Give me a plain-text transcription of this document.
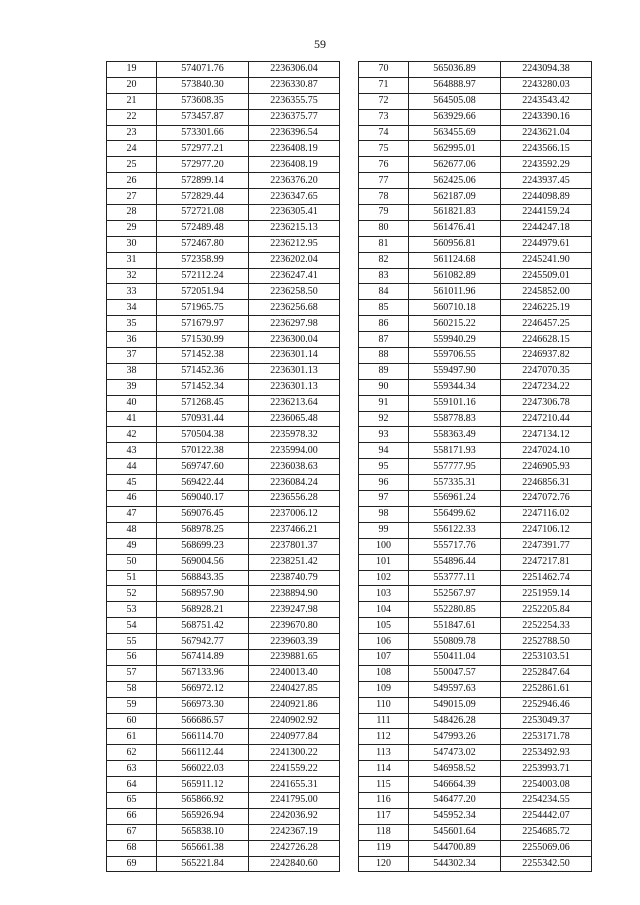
59
19	574071.76	2236306.04
20	573840.30	2236330.87
21	573608.35	2236355.75
22	573457.87	2236375.77
23	573301.66	2236396.54
24	572977.21	2236408.19
25	572977.20	2236408.19
26	572899.14	2236376.20
27	572829.44	2236347.65
28	572721.08	2236305.41
29	572489.48	2236215.13
30	572467.80	2236212.95
31	572358.99	2236202.04
32	572112.24	2236247.41
33	572051.94	2236258.50
34	571965.75	2236256.68
35	571679.97	2236297.98
36	571530.99	2236300.04
37	571452.38	2236301.14
38	571452.36	2236301.13
39	571452.34	2236301.13
40	571268.45	2236213.64
41	570931.44	2236065.48
42	570504.38	2235978.32
43	570122.38	2235994.00
44	569747.60	2236038.63
45	569422.44	2236084.24
46	569040.17	2236556.28
47	569076.45	2237006.12
48	568978.25	2237466.21
49	568699.23	2237801.37
50	569004.56	2238251.42
51	568843.35	2238740.79
52	568957.90	2238894.90
53	568928.21	2239247.98
54	568751.42	2239670.80
55	567942.77	2239603.39
56	567414.89	2239881.65
57	567133.96	2240013.40
58	566972.12	2240427.85
59	566973.30	2240921.86
60	566686.57	2240902.92
61	566114.70	2240977.84
62	566112.44	2241300.22
63	566022.03	2241559.22
64	565911.12	2241655.31
65	565866.92	2241795.00
66	565926.94	2242036.92
67	565838.10	2242367.19
68	565661.38	2242726.28
69	565221.84	2242840.60
70	565036.89	2243094.38
71	564888.97	2243280.03
72	564505.08	2243543.42
73	563929.66	2243390.16
74	563455.69	2243621.04
75	562995.01	2243566.15
76	562677.06	2243592.29
77	562425.06	2243937.45
78	562187.09	2244098.89
79	561821.83	2244159.24
80	561476.41	2244247.18
81	560956.81	2244979.61
82	561124.68	2245241.90
83	561082.89	2245509.01
84	561011.96	2245852.00
85	560710.18	2246225.19
86	560215.22	2246457.25
87	559940.29	2246628.15
88	559706.55	2246937.82
89	559497.90	2247070.35
90	559344.34	2247234.22
91	559101.16	2247306.78
92	558778.83	2247210.44
93	558363.49	2247134.12
94	558171.93	2247024.10
95	557777.95	2246905.93
96	557335.31	2246856.31
97	556961.24	2247072.76
98	556499.62	2247116.02
99	556122.33	2247106.12
100	555717.76	2247391.77
101	554896.44	2247217.81
102	553777.11	2251462.74
103	552567.97	2251959.14
104	552280.85	2252205.84
105	551847.61	2252254.33
106	550809.78	2252788.50
107	550411.04	2253103.51
108	550047.57	2252847.64
109	549597.63	2252861.61
110	549015.09	2252946.46
111	548426.28	2253049.37
112	547993.26	2253171.78
113	547473.02	2253492.93
114	546958.52	2253993.71
115	546664.39	2254003.08
116	546477.20	2254234.55
117	545952.34	2254442.07
118	545601.64	2254685.72
119	544700.89	2255069.06
120	544302.34	2255342.50
